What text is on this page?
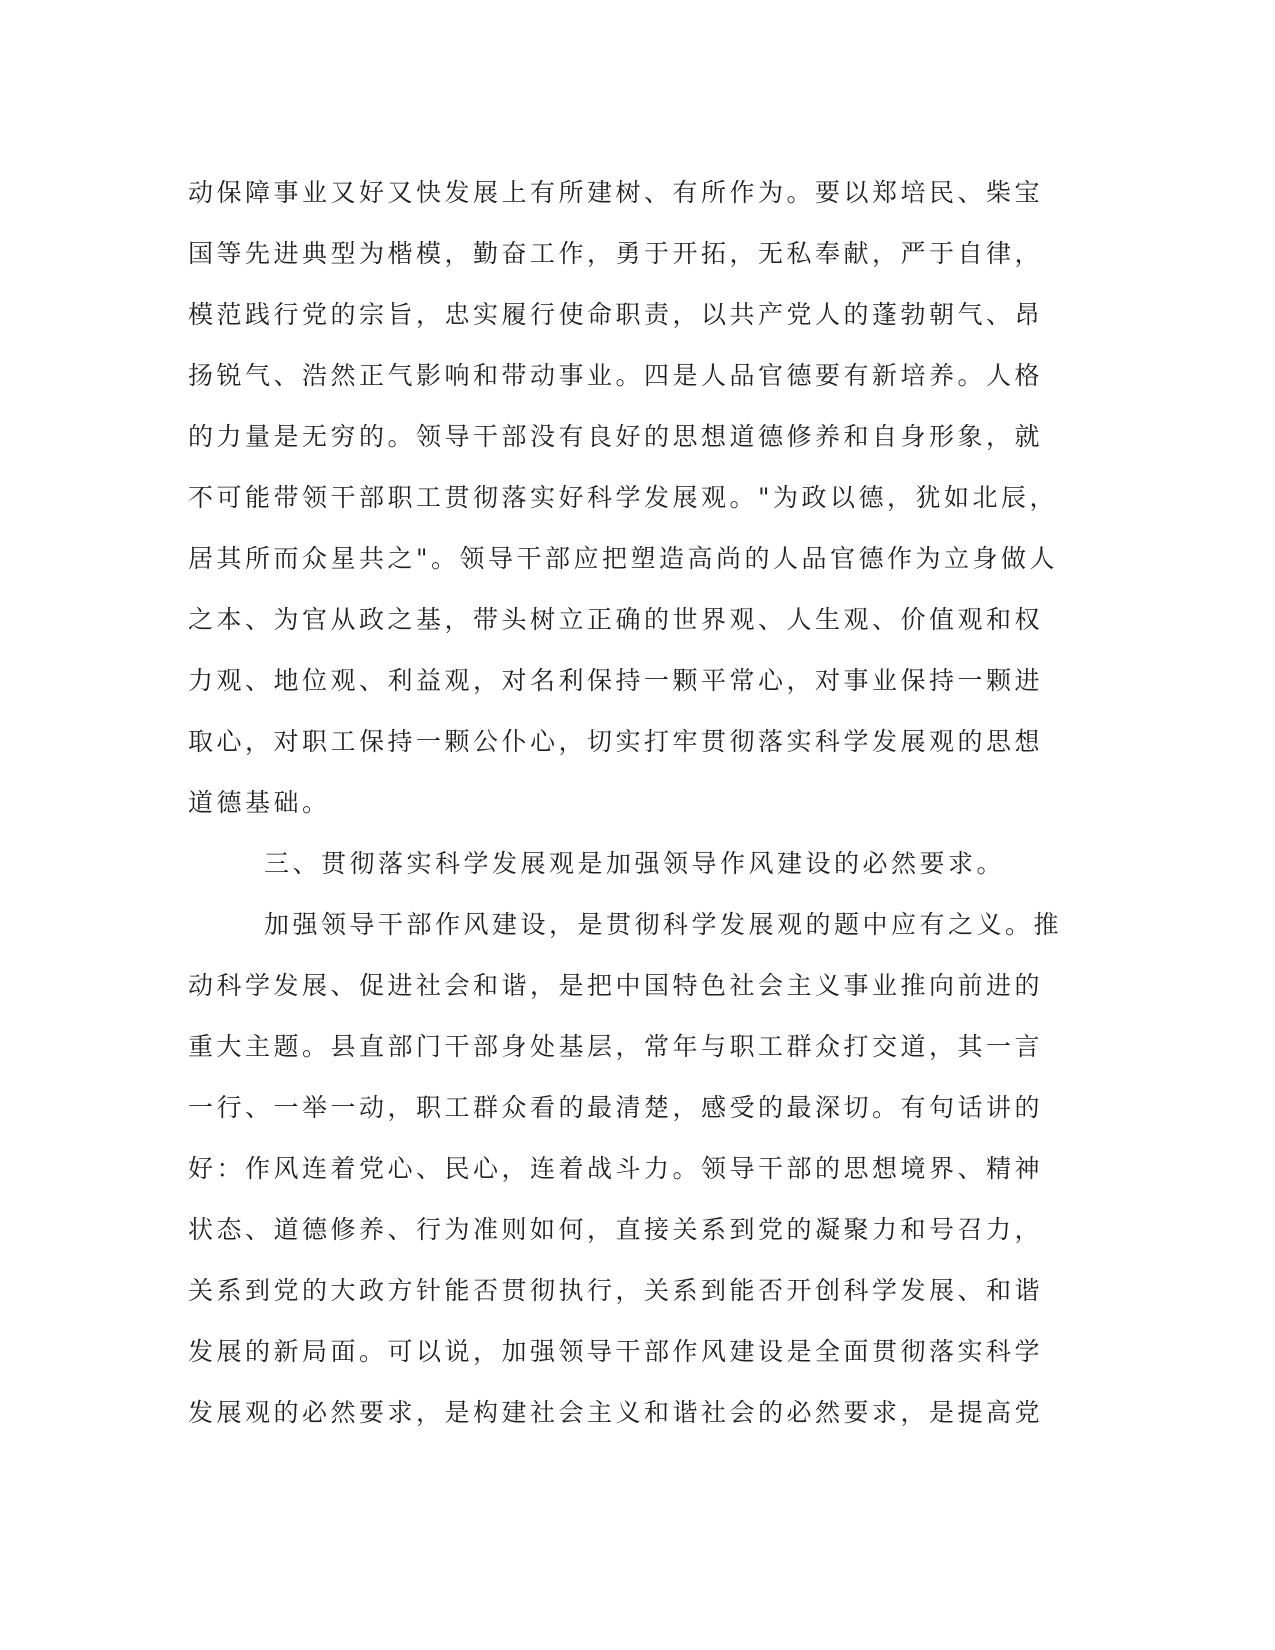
动保障事业又好又快发展上有所建树、有所作为。要以郑培民、柴宝
国等先进典型为楷模，勤奋工作，勇于开拓，无私奉献，严于自律，
模范践行党的宗旨，忠实履行使命职责，以共产党人的蓬勃朝气、昂
扬锐气、浩然正气影响和带动事业。四是人品官德要有新培养。人格
的力量是无穷的。领导干部没有良好的思想道德修养和自身形象，就
不可能带领干部职工贯彻落实好科学发展观。"为政以德，犹如北辰，
居其所而众星共之"。领导干部应把塑造高尚的人品官德作为立身做人
之本、为官从政之基，带头树立正确的世界观、人生观、价值观和权
力观、地位观、利益观，对名利保持一颗平常心，对事业保持一颗进
取心，对职工保持一颗公仆心，切实打牢贯彻落实科学发展观的思想
道德基础。
三、贯彻落实科学发展观是加强领导作风建设的必然要求。
加强领导干部作风建设，是贯彻科学发展观的题中应有之义。推
动科学发展、促进社会和谐，是把中国特色社会主义事业推向前进的
重大主题。县直部门干部身处基层，常年与职工群众打交道，其一言
一行、一举一动，职工群众看的最清楚，感受的最深切。有句话讲的
好：作风连着党心、民心，连着战斗力。领导干部的思想境界、精神
状态、道德修养、行为准则如何，直接关系到党的凝聚力和号召力，
关系到党的大政方针能否贯彻执行，关系到能否开创科学发展、和谐
发展的新局面。可以说，加强领导干部作风建设是全面贯彻落实科学
发展观的必然要求，是构建社会主义和谐社会的必然要求，是提高党
